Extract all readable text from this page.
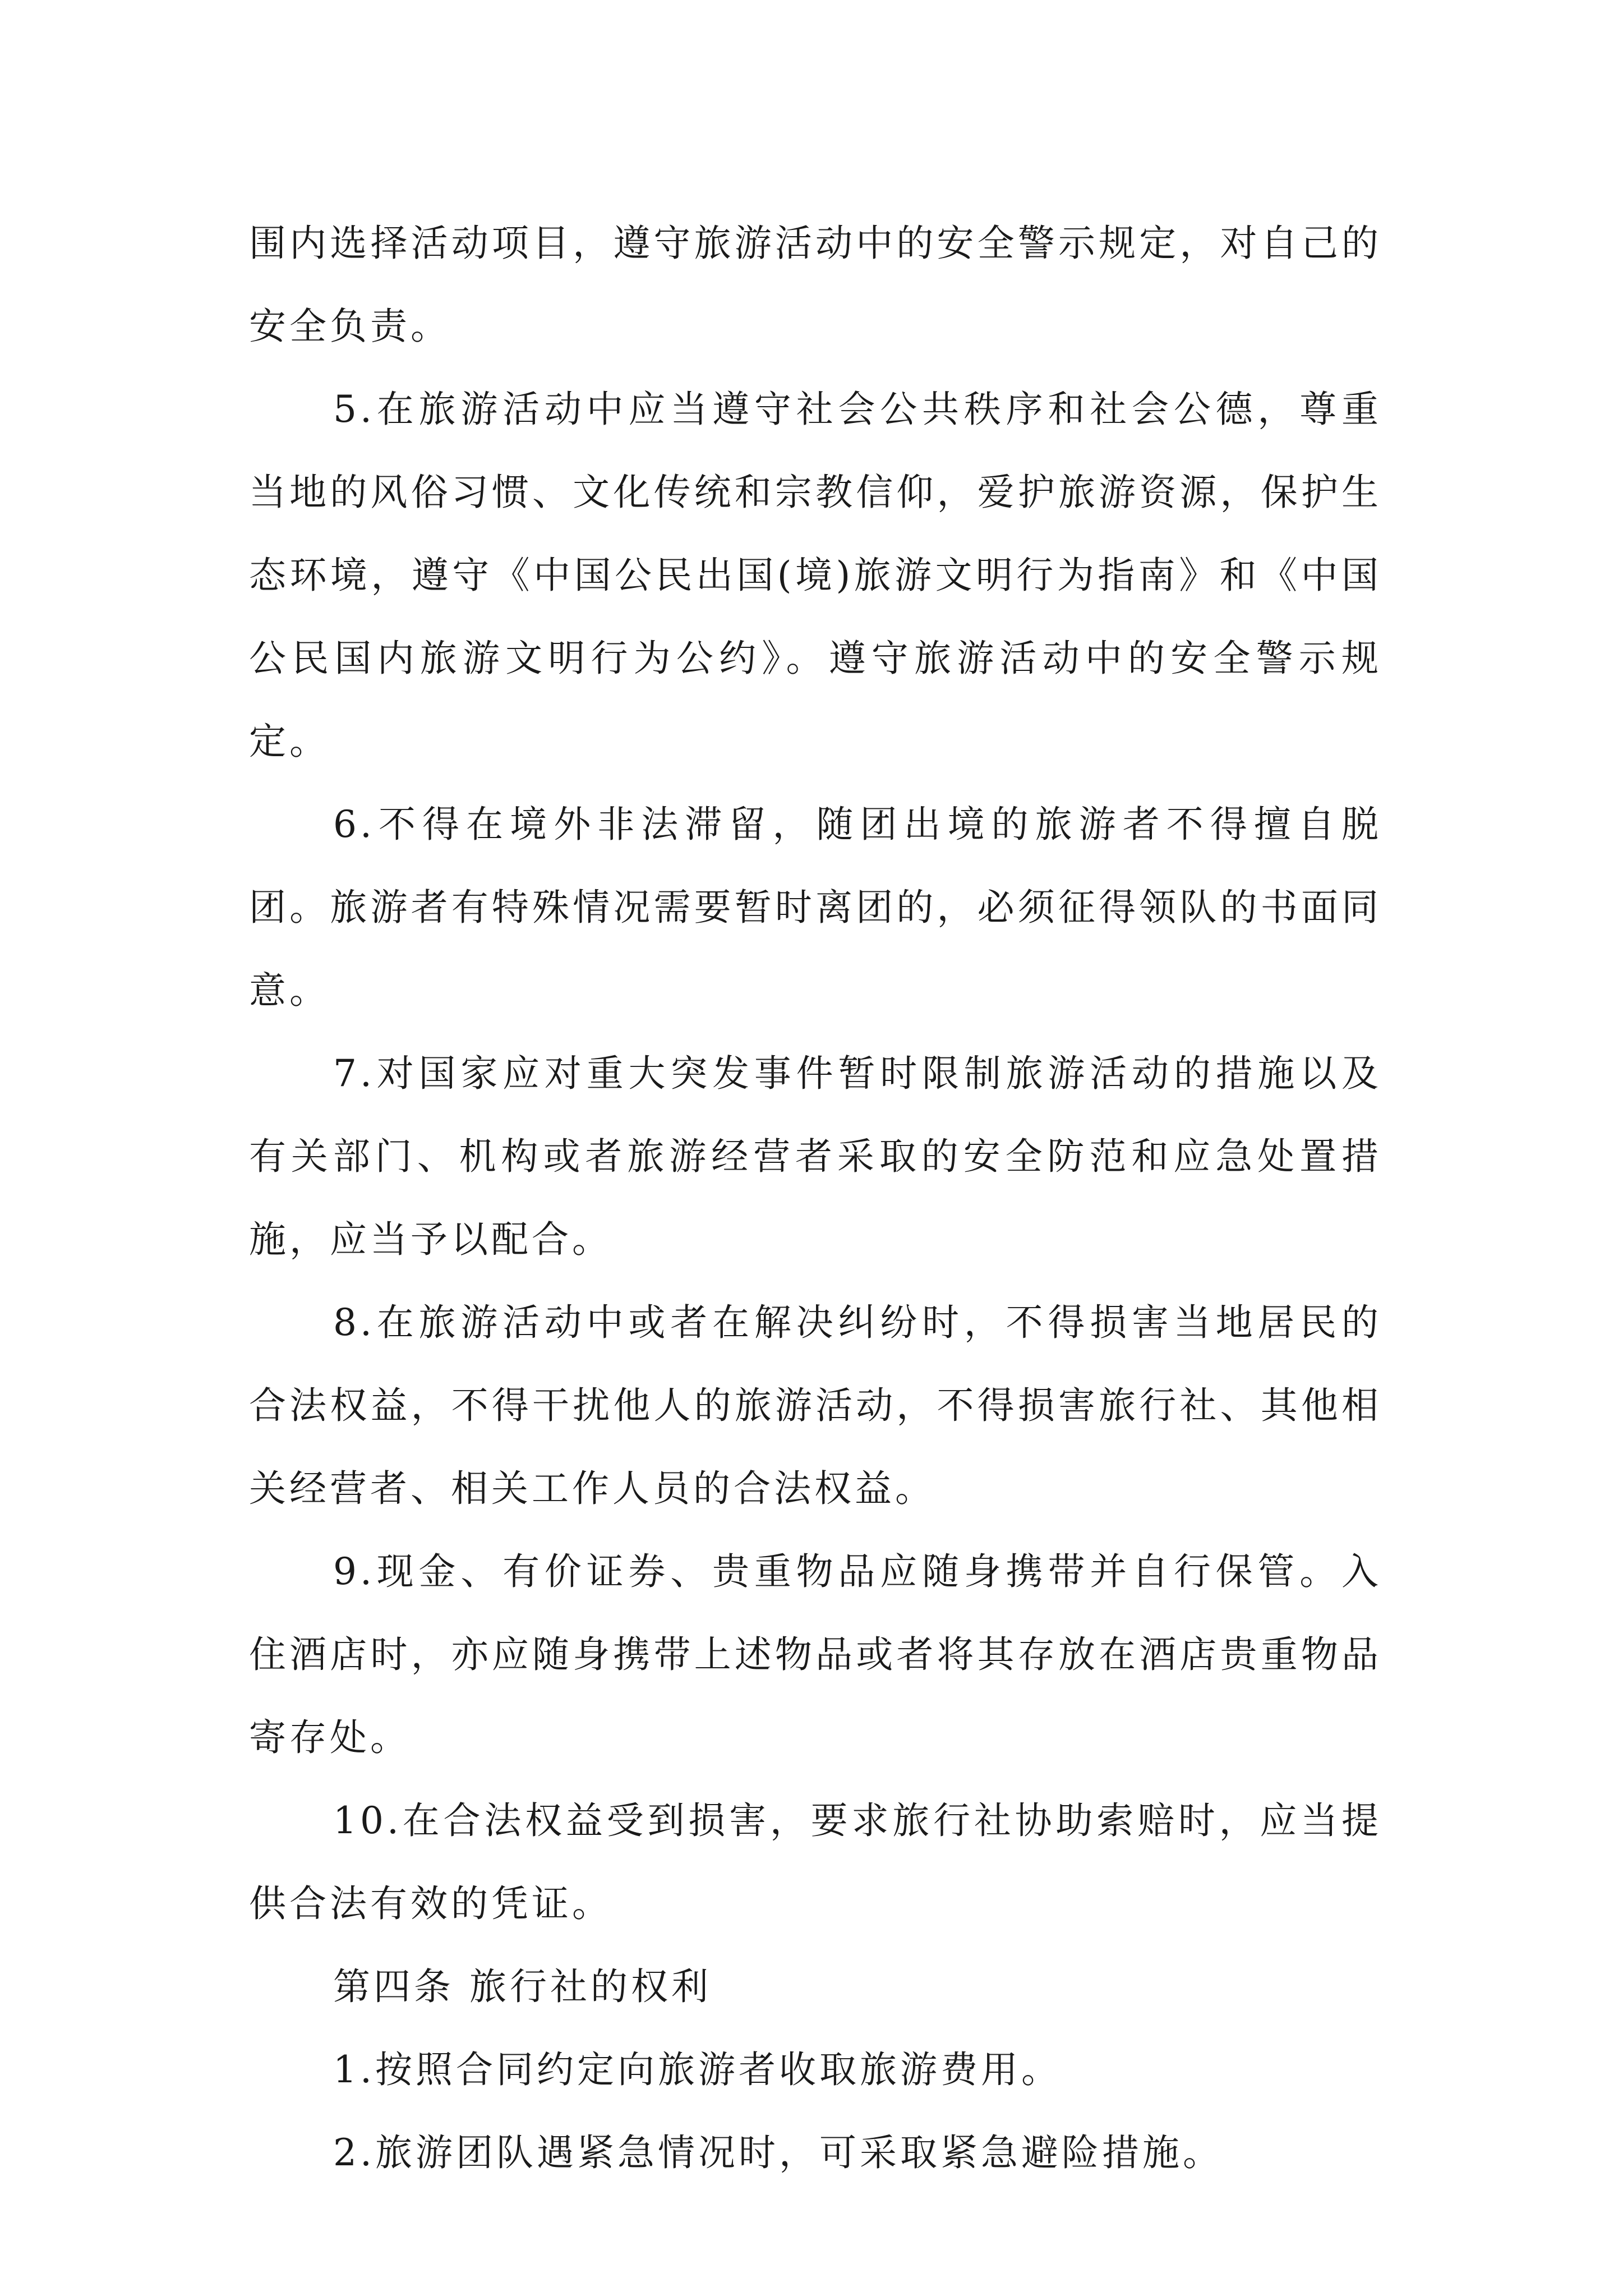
围内选择活动项目，遵守旅游活动中的安全警示规定，对自己的安全负责。

5.在旅游活动中应当遵守社会公共秩序和社会公德，尊重当地的风俗习惯、文化传统和宗教信仰，爱护旅游资源，保护生态环境，遵守《中国公民出国(境)旅游文明行为指南》和《中国公民国内旅游文明行为公约》。遵守旅游活动中的安全警示规定。

6.不得在境外非法滞留，随团出境的旅游者不得擅自脱团。旅游者有特殊情况需要暂时离团的，必须征得领队的书面同意。

7.对国家应对重大突发事件暂时限制旅游活动的措施以及有关部门、机构或者旅游经营者采取的安全防范和应急处置措施，应当予以配合。

8.在旅游活动中或者在解决纠纷时，不得损害当地居民的合法权益，不得干扰他人的旅游活动，不得损害旅行社、其他相关经营者、相关工作人员的合法权益。

9.现金、有价证券、贵重物品应随身携带并自行保管。入住酒店时，亦应随身携带上述物品或者将其存放在酒店贵重物品寄存处。

10.在合法权益受到损害，要求旅行社协助索赔时，应当提供合法有效的凭证。

第四条 旅行社的权利

1.按照合同约定向旅游者收取旅游费用。

2.旅游团队遇紧急情况时，可采取紧急避险措施。
